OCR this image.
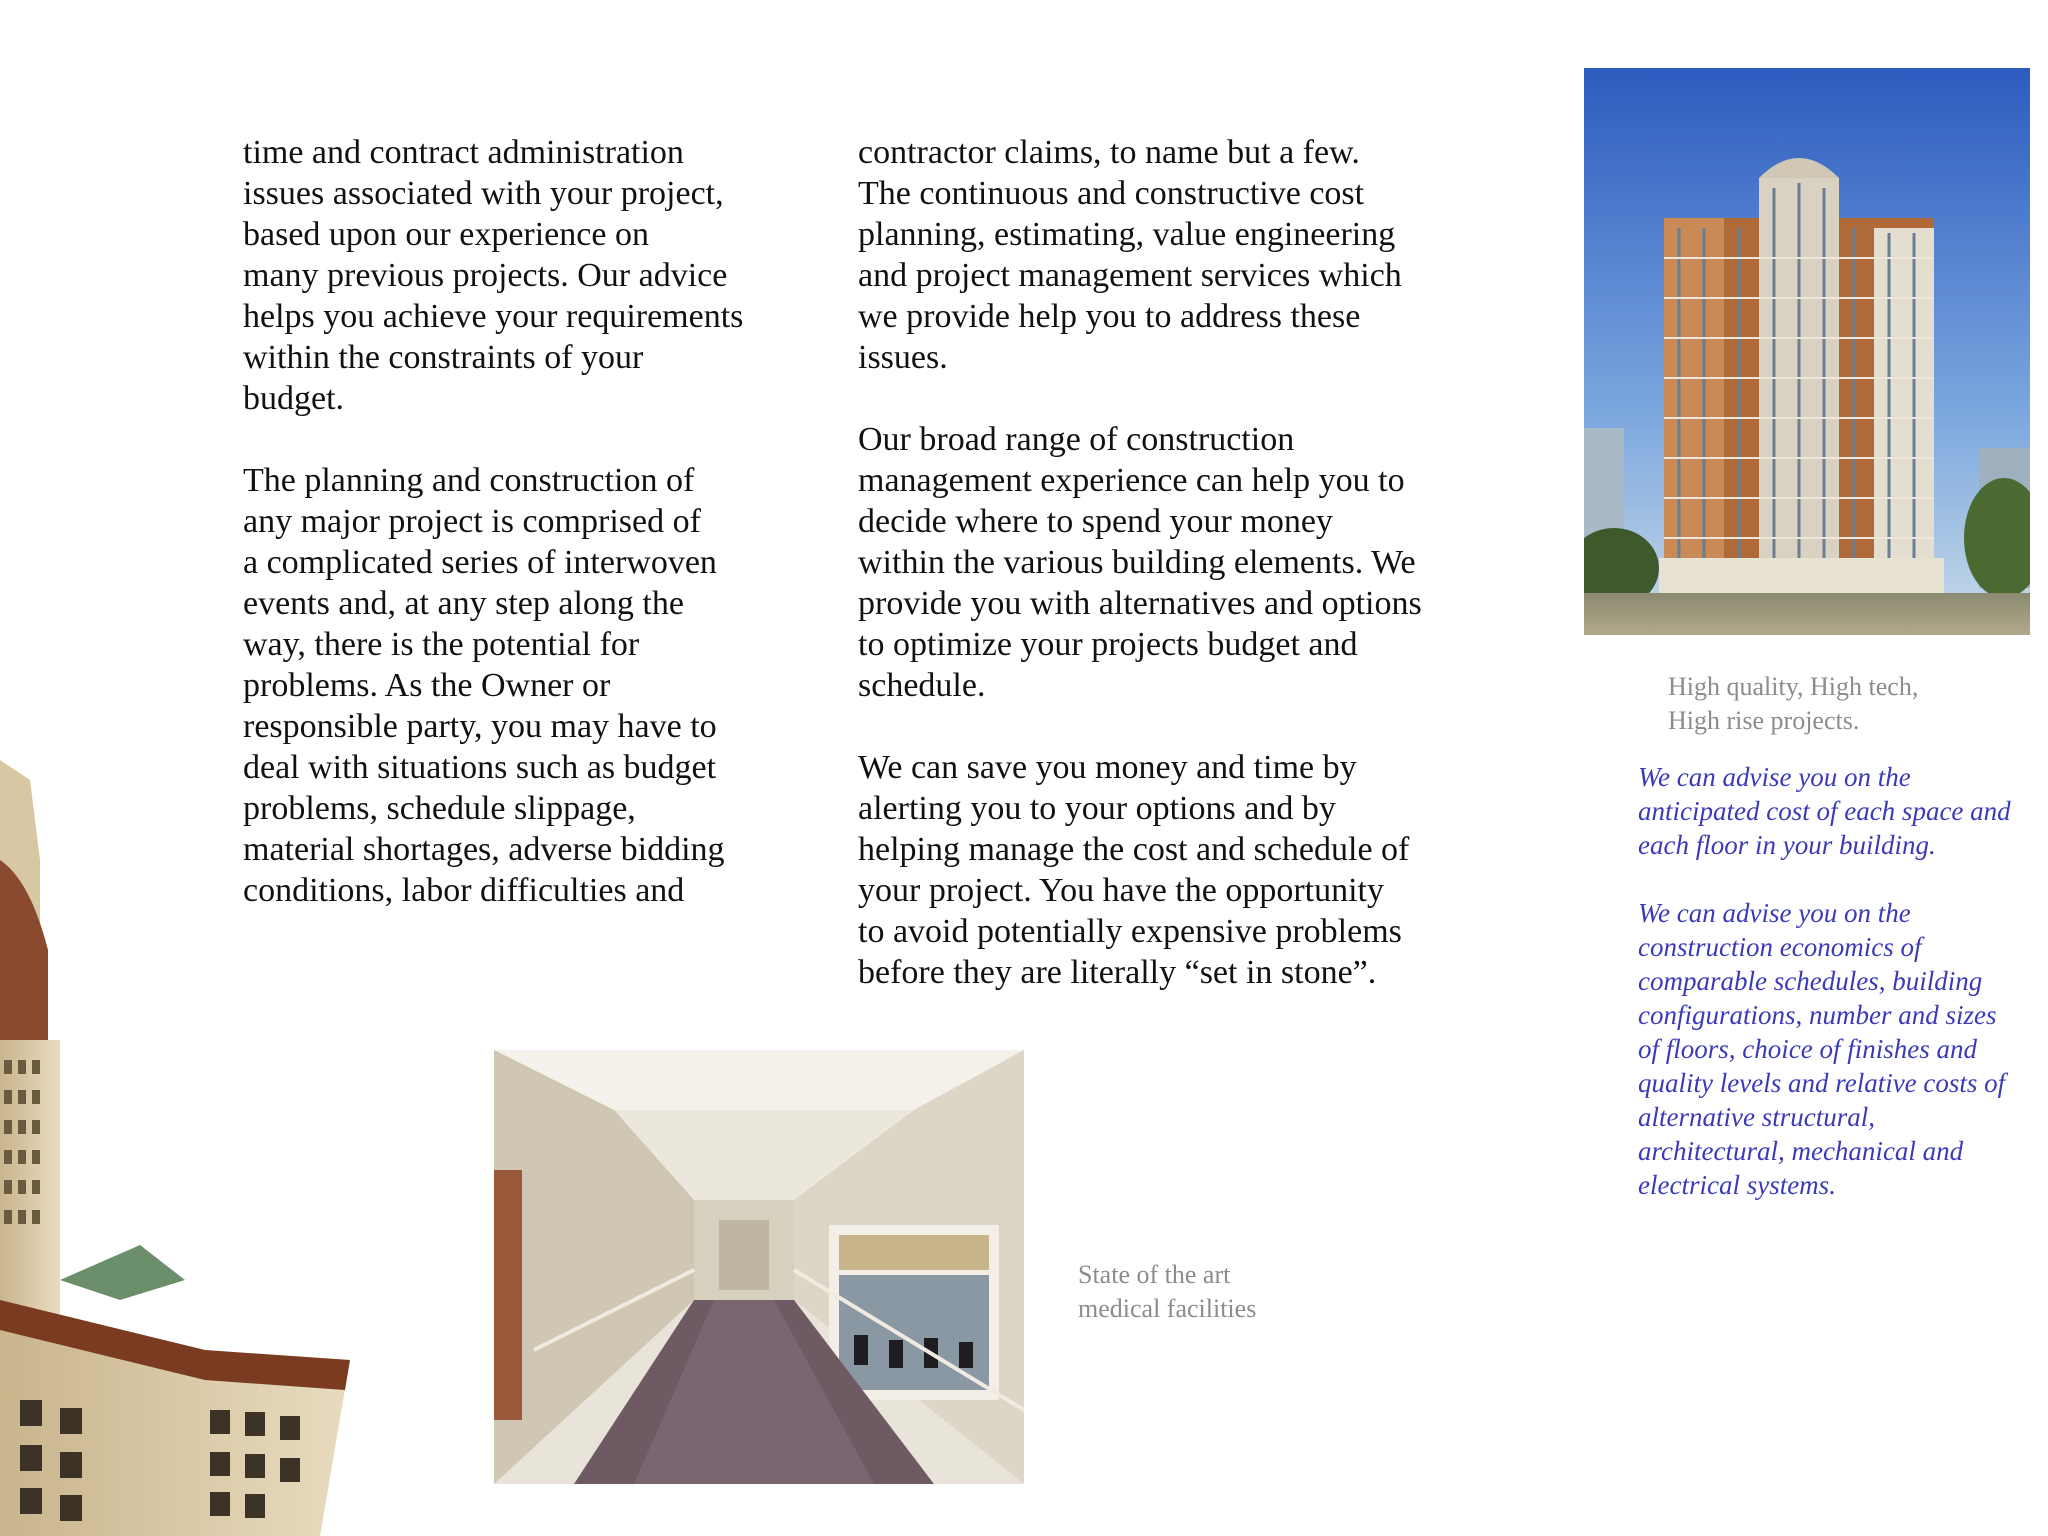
time and contract administration
issues associated with your project,
based upon our experience on
many previous projects. Our advice
helps you achieve your requirements
within the constraints of your
budget.

The planning and construction of
any major project is comprised of
a complicated series of interwoven
events and, at any step along the
way, there is the potential for
problems. As the Owner or
responsible party, you may have to
deal with situations such as budget
problems, schedule slippage,
material shortages, adverse bidding
conditions, labor difficulties and

contractor claims, to name but a few.
The continuous and constructive cost
planning, estimating, value engineering
and project management services which
we provide help you to address these
issues.

Our broad range of construction
management experience can help you to
decide where to spend your money
within the various building elements. We
provide you with alternatives and options
to optimize your projects budget and
schedule.

We can save you money and time by
alerting you to your options and by
helping manage the cost and schedule of
your project. You have the opportunity
to avoid potentially expensive problems
before they are literally “set in stone”.

High quality, High tech,
High rise projects.

We can advise you on the anticipated cost of each space and each floor in your building.

We can advise you on the construction economics of comparable schedules, building configurations, number and sizes of floors, choice of finishes and quality levels and relative costs of alternative structural, architectural, mechanical and electrical systems.

State of the art
medical facilities
